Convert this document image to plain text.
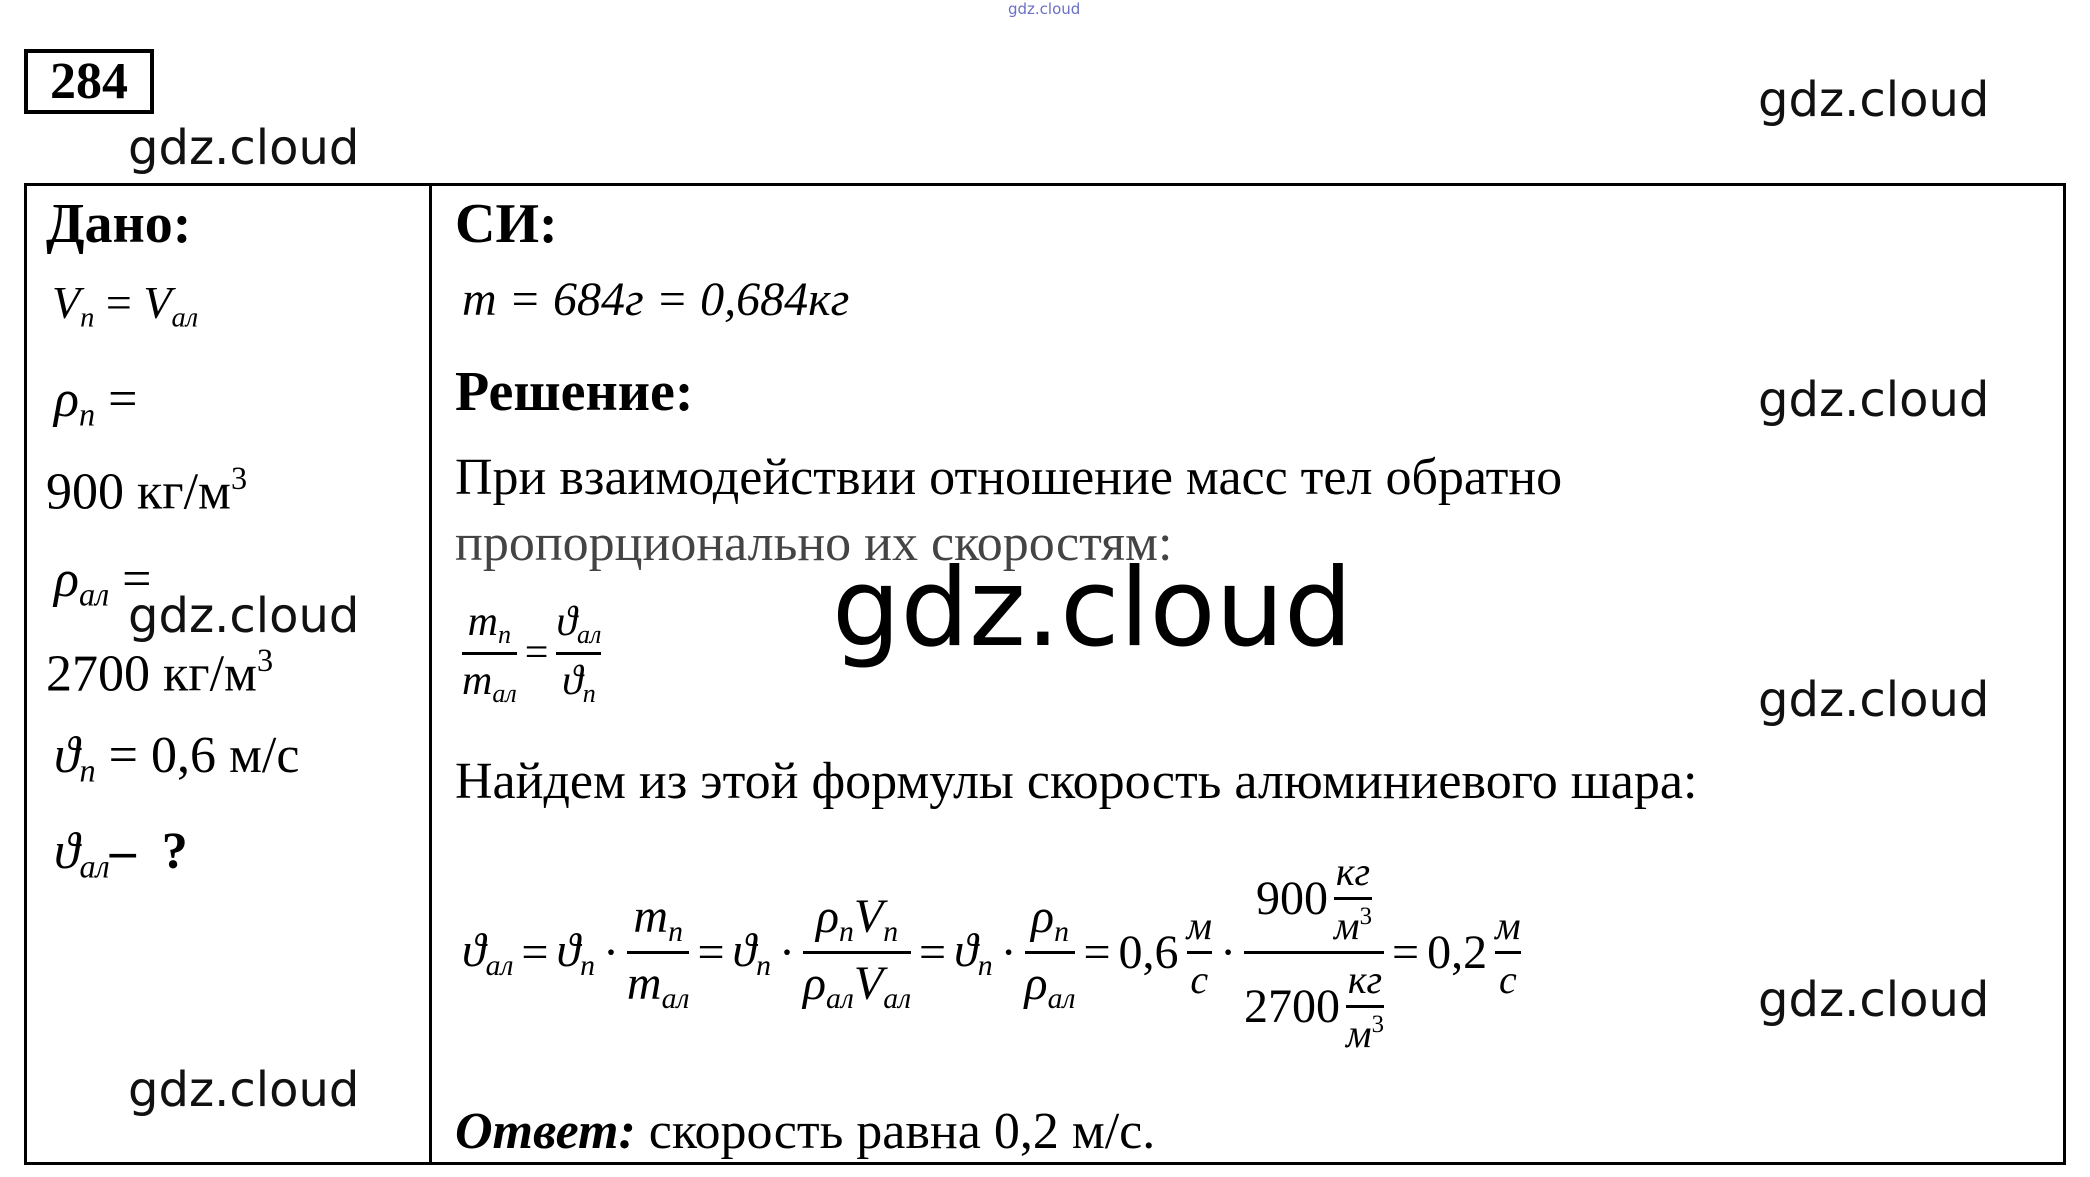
gdz.cloud
gdz.cloud
gdz.cloud
284
Дано:
$V_п = V_{ал}$
$\rho_п$ =
900 $кг/м^3$
$\rho_{ал}$ =
gdz.cloud
2700 $кг/м^3$
$ϑ_п = 0,6$ м/с
$ϑ_{ал}-$  ?
gdz.cloud
СИ:
m = 684г = 0,684кг
Решение:	gdz.cloud
При взаимодействии отношение масс тел обратно
пропорционально их скоростям:
gdz.cloud
$\frac{m_п}{m_{ал}} = \frac{ϑ_{ал}}{ϑ_п}$	gdz.cloud
Найдем из этой формулы скорость алюминиевого шара:
$ϑ_{ал} = ϑ_п \cdot \frac{m_п}{m_{ал}} = ϑ_п \cdot \frac{\rho_пV_п}{\rho_{ал}V_{ал}} = ϑ_п \cdot \frac{\rho_п}{\rho_{ал}} = 0,6 \frac{м}{с} \cdot \frac{900 \frac{кг}{м^3}}{2700 \frac{кг}{м^3}} = 0,2 \frac{м}{с}$	gdz.cloud
Ответ: скорость равна 0,2 м/с.
